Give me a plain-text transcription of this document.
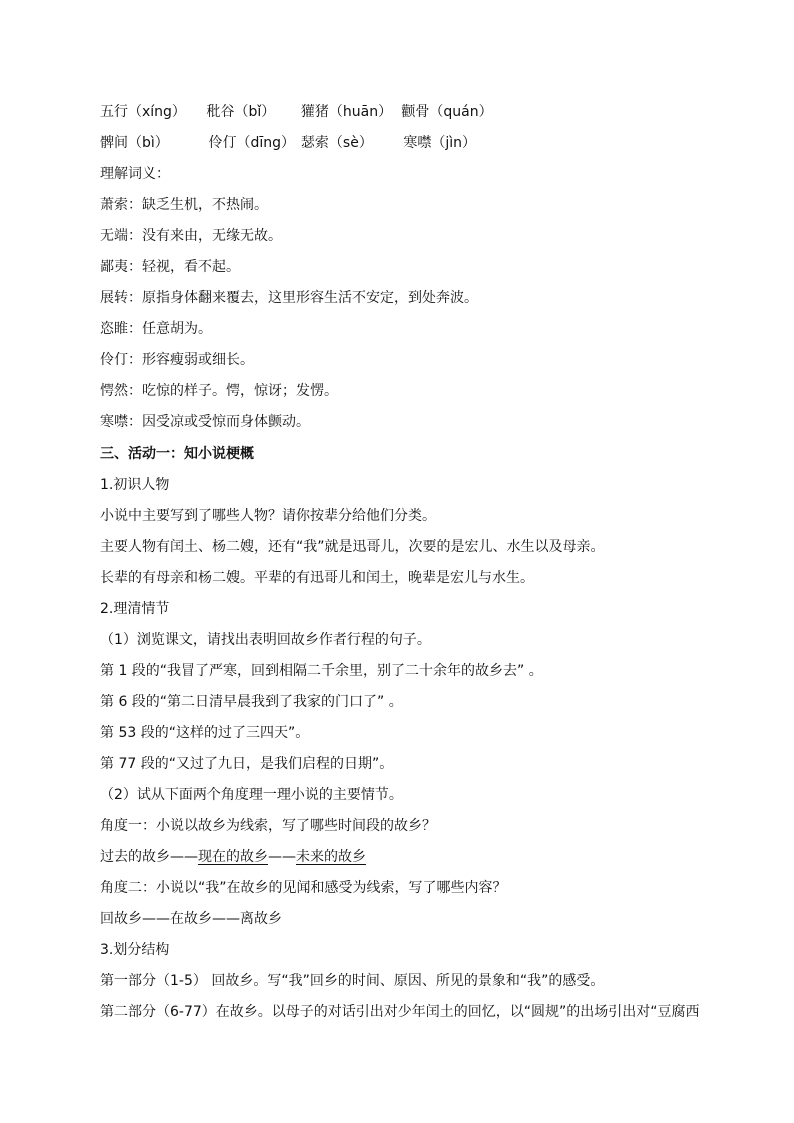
五行（xíng） 秕谷（bǐ） 獾猪（huān） 颧骨（quán）
髀间（bì）	伶仃（dīng） 瑟索（sè） 寒噤（jìn）
理解词义：
萧索：缺乏生机，不热闹。
无端：没有来由，无缘无故。
鄙夷：轻视，看不起。
展转：原指身体翻来覆去，这里形容生活不安定，到处奔波。
恣睢：任意胡为。
伶仃：形容瘦弱或细长。
愕然：吃惊的样子。愕，惊讶；发愣。
寒噤：因受凉或受惊而身体颤动。
三、活动一：知小说梗概
1.初识人物
小说中主要写到了哪些人物？请你按辈分给他们分类。
主要人物有闰土、杨二嫂，还有“我”就是迅哥儿，次要的是宏儿、水生以及母亲。
长辈的有母亲和杨二嫂。平辈的有迅哥儿和闰土，晚辈是宏儿与水生。
2.理清情节
（1）浏览课文，请找出表明回故乡作者行程的句子。
第 1 段的“我冒了严寒，回到相隔二千余里，别了二十余年的故乡去” 。
第 6 段的“第二日清早晨我到了我家的门口了” 。
第 53 段的“这样的过了三四天”。
第 77 段的“又过了九日，是我们启程的日期”。
（2）试从下面两个角度理一理小说的主要情节。
角度一：小说以故乡为线索，写了哪些时间段的故乡？
过去的故乡——现在的故乡——未来的故乡
角度二：小说以“我”在故乡的见闻和感受为线索，写了哪些内容？
回故乡——在故乡——离故乡
3.划分结构
第一部分（1-5） 回故乡。写“我”回乡的时间、原因、所见的景象和“我”的感受。
第二部分（6-77）在故乡。以母子的对话引出对少年闰土的回忆，以“圆规”的出场引出对“豆腐西
